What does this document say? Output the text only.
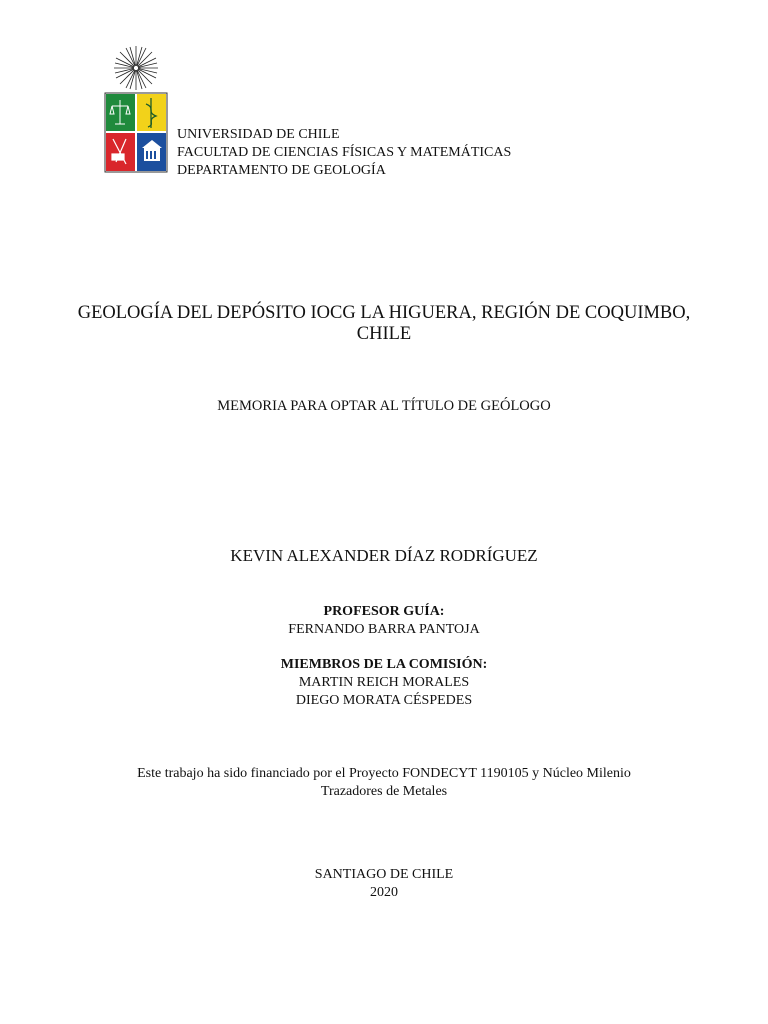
UNIVERSIDAD DE CHILE
FACULTAD DE CIENCIAS FÍSICAS Y MATEMÁTICAS
DEPARTAMENTO DE GEOLOGÍA
GEOLOGÍA DEL DEPÓSITO IOCG LA HIGUERA, REGIÓN DE COQUIMBO,
CHILE
MEMORIA PARA OPTAR AL TÍTULO DE GEÓLOGO
KEVIN ALEXANDER DÍAZ RODRÍGUEZ
PROFESOR GUÍA:
FERNANDO BARRA PANTOJA
MIEMBROS DE LA COMISIÓN:
MARTIN REICH MORALES
DIEGO MORATA CÉSPEDES
Este trabajo ha sido financiado por el Proyecto FONDECYT 1190105 y Núcleo Milenio
Trazadores de Metales
SANTIAGO DE CHILE
2020
